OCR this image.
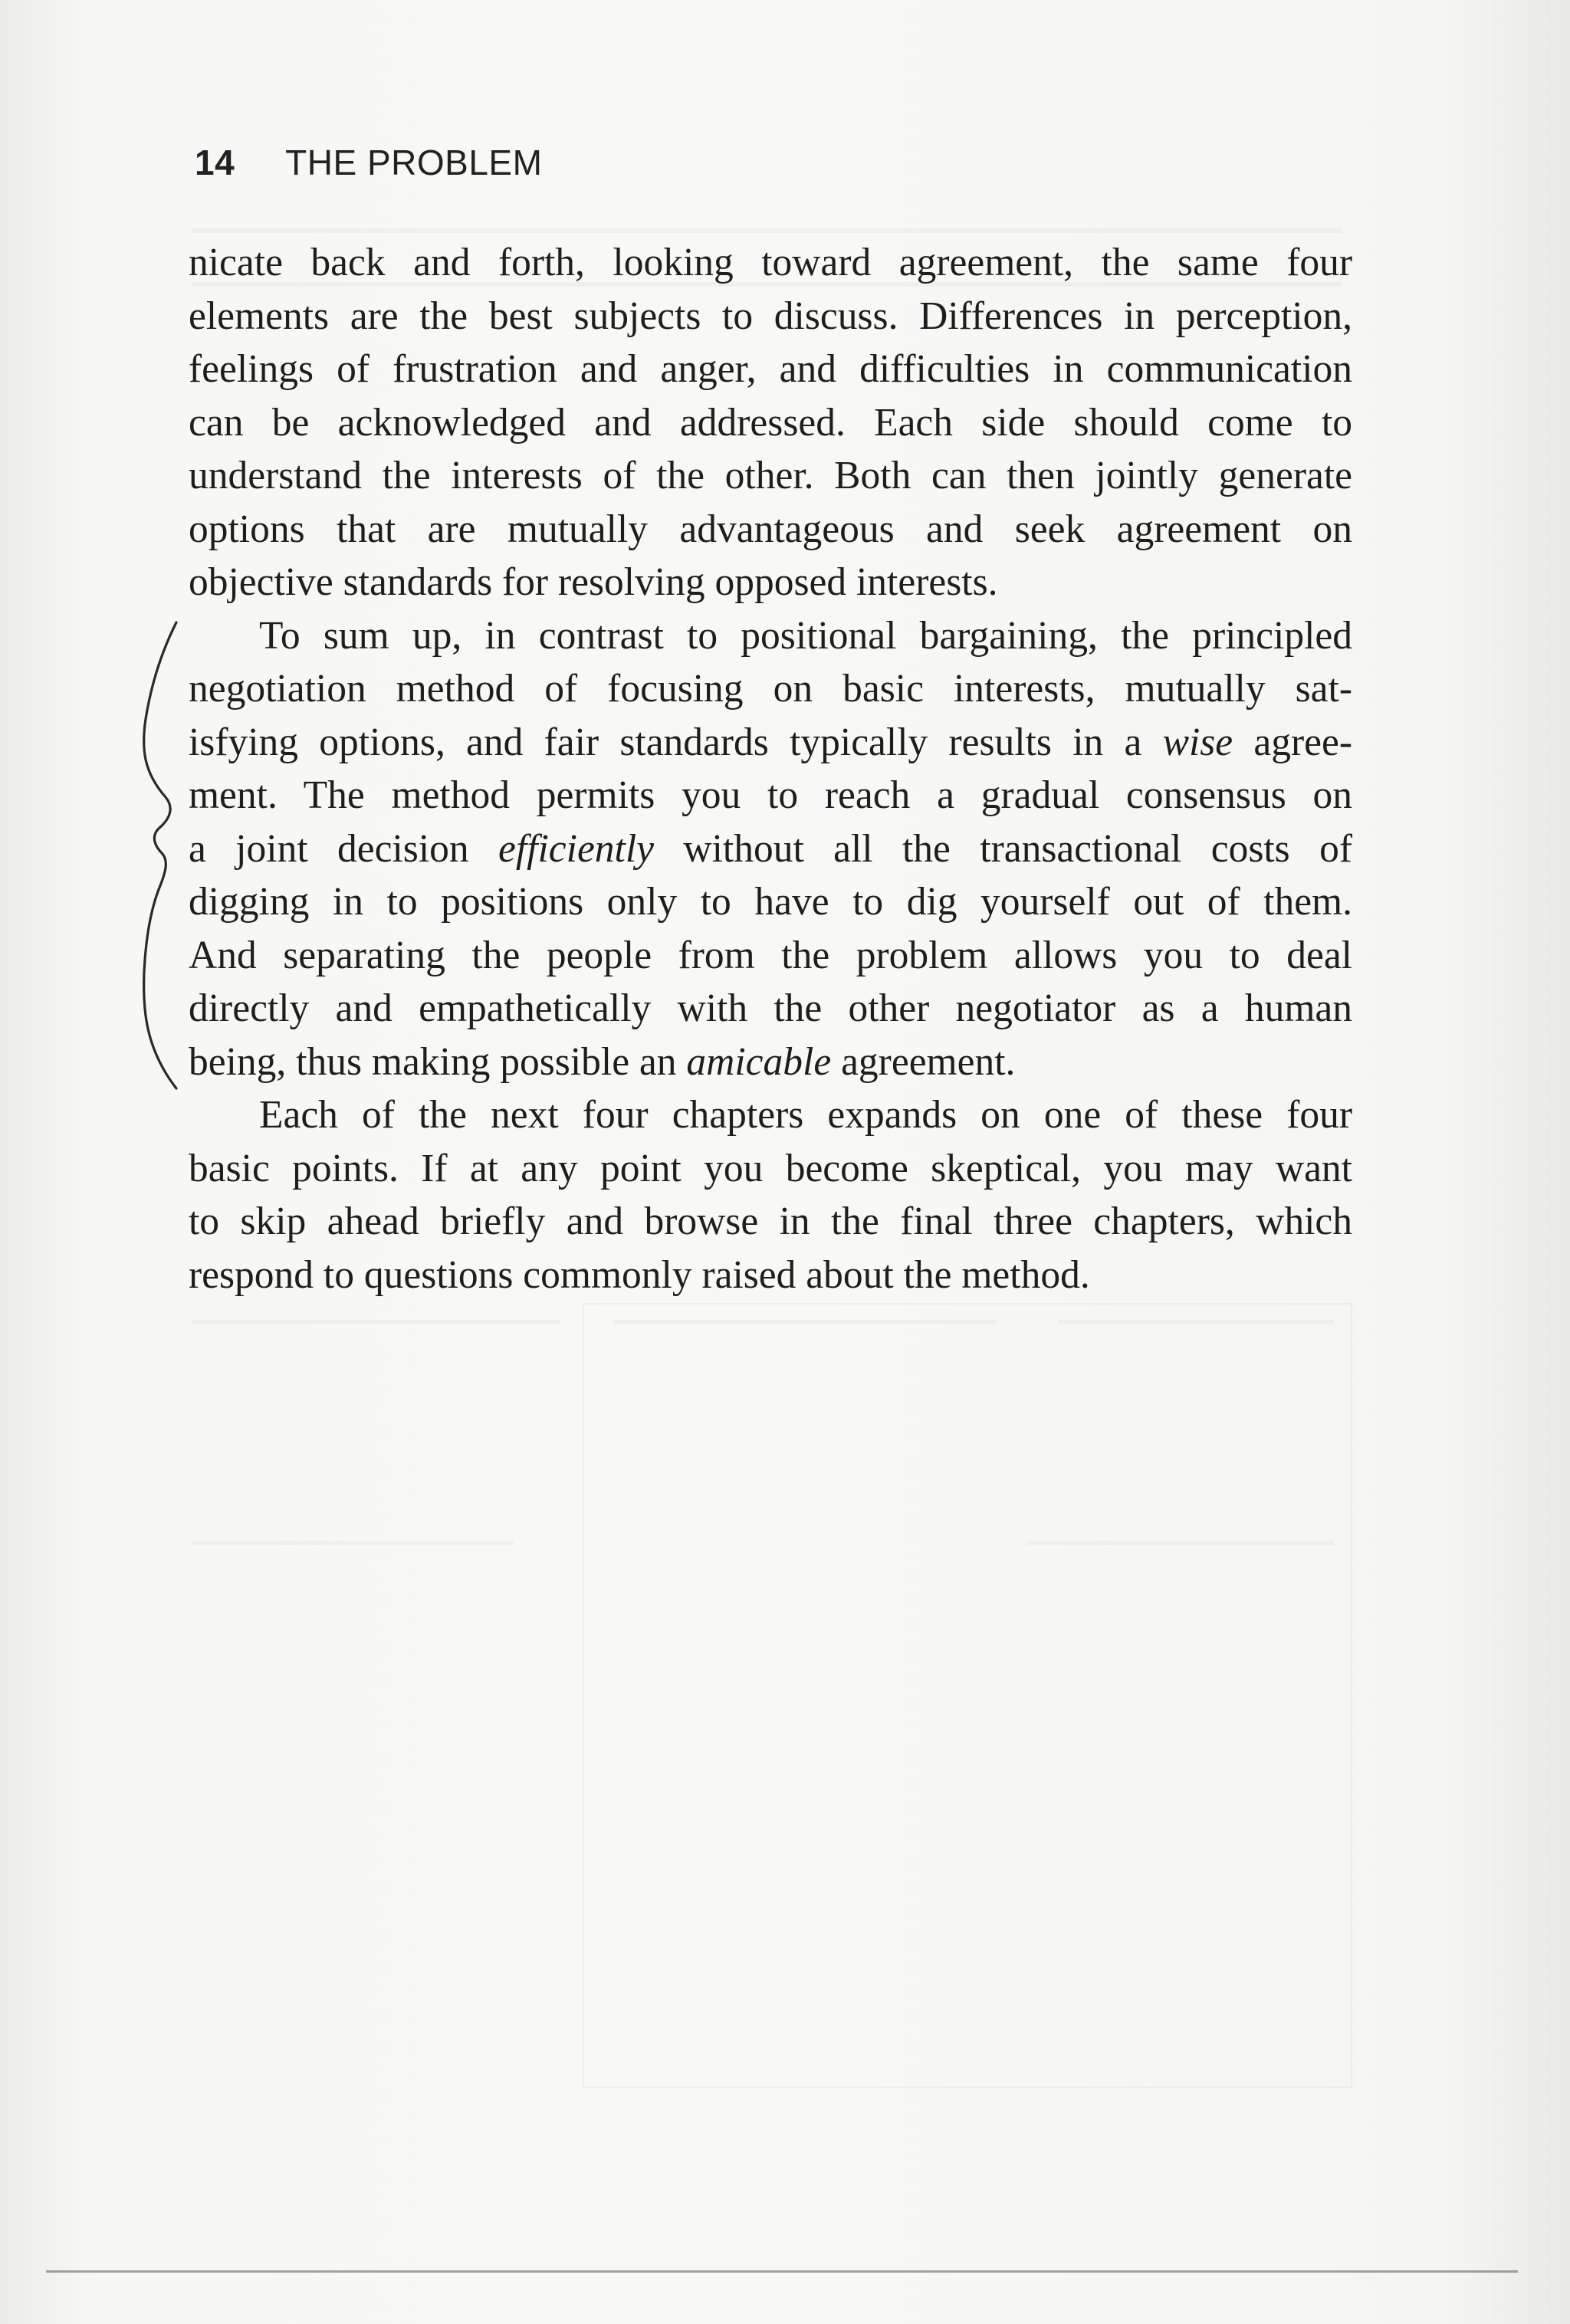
14 THE PROBLEM

nicate back and forth, looking toward agreement, the same four
elements are the best subjects to discuss. Differences in perception,
feelings of frustration and anger, and difficulties in communication
can be acknowledged and addressed. Each side should come to
understand the interests of the other. Both can then jointly generate
options that are mutually advantageous and seek agreement on
objective standards for resolving opposed interests.

To sum up, in contrast to positional bargaining, the principled
negotiation method of focusing on basic interests, mutually sat-
isfying options, and fair standards typically results in a wise agree-
ment. The method permits you to reach a gradual consensus on
a joint decision efficiently without all the transactional costs of
digging in to positions only to have to dig yourself out of them.
And separating the people from the problem allows you to deal
directly and empathetically with the other negotiator as a human
being, thus making possible an amicable agreement.

Each of the next four chapters expands on one of these four
basic points. If at any point you become skeptical, you may want
to skip ahead briefly and browse in the final three chapters, which
respond to questions commonly raised about the method.
